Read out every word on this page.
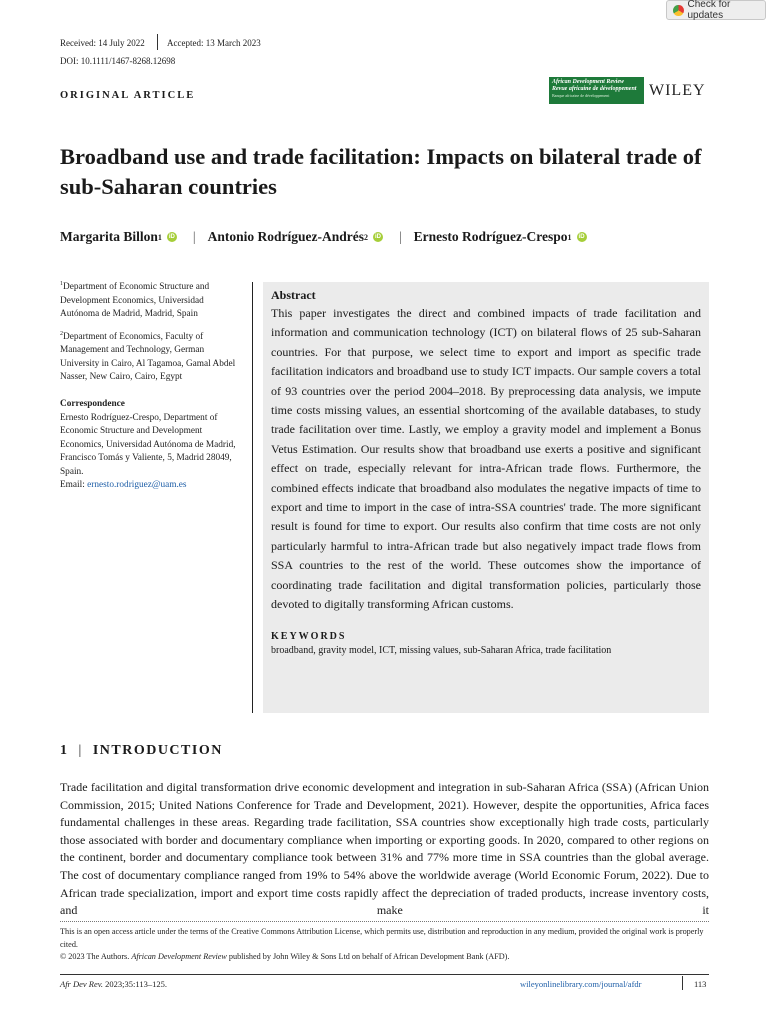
Check for updates
Received: 14 July 2022 Accepted: 13 March 2023
DOI: 10.1111/1467-8268.12698
ORIGINAL ARTICLE
African Development Review
Revue africaine de développement
Banque africaine de développement	WILEY
Broadband use and trade facilitation: Impacts on bilateral trade of sub-Saharan countries
Margarita Billon 1	iD | Antonio Rodríguez-Andrés 2	iD | Ernesto Rodríguez-Crespo 1	iD

$^1$Department of Economic Structure and Development Economics, Universidad Autónoma de Madrid, Madrid, Spain

$^2$Department of Economics, Faculty of Management and Technology, German University in Cairo, Al Tagamoa, Gamal Abdel Nasser, New Cairo, Cairo, Egypt

Correspondence
Ernesto Rodríguez-Crespo, Department of Economic Structure and Development Economics, Universidad Autónoma de Madrid, Francisco Tomás y Valiente, 5, Madrid 28049, Spain.
Email: ernesto.rodriguez@uam.es
Abstract

This paper investigates the direct and combined impacts of trade facilitation and information and communication technology (ICT) on bilateral flows of 25 sub-Saharan countries. For that purpose, we select time to export and import as specific trade facilitation indicators and broadband use to study ICT impacts. Our sample covers a total of 93 countries over the period 2004–2018. By preprocessing data analysis, we impute time costs missing values, an essential shortcoming of the available databases, to study trade facilitation over time. Lastly, we employ a gravity model and implement a Bonus Vetus Estimation. Our results show that broadband use exerts a positive and significant effect on trade, especially relevant for intra-African trade flows. Furthermore, the combined effects indicate that broadband also modulates the negative impacts of time to export and time to import in the case of intra-SSA countries' trade. The more significant result is found for time to export. Our results also confirm that time costs are not only particularly harmful to intra-African trade but also negatively impact trade flows from SSA countries to the rest of the world. These outcomes show the importance of coordinating trade facilitation and digital transformation policies, particularly those devoted to digitally transforming African customs.

KEYWORDS
broadband, gravity model, ICT, missing values, sub-Saharan Africa, trade facilitation
1 | INTRODUCTION
Trade facilitation and digital transformation drive economic development and integration in sub-Saharan Africa (SSA) (African Union Commission, 2015; United Nations Conference for Trade and Development, 2021). However, despite the opportunities, Africa faces fundamental challenges in these areas. Regarding trade facilitation, SSA countries show exceptionally high trade costs, particularly those associated with border and documentary compliance when importing or exporting goods. In 2020, compared to other regions on the continent, border and documentary compliance took between 31% and 77% more time in SSA countries than the global average. The cost of documentary compliance ranged from 19% to 54% above the worldwide average (World Economic Forum, 2022). Due to African trade specialization, import and export time costs rapidly affect the depreciation of traded products, increase inventory costs, and make it

This is an open access article under the terms of the Creative Commons Attribution License, which permits use, distribution and reproduction in any medium, provided the original work is properly cited.

© 2023 The Authors. African Development Review published by John Wiley & Sons Ltd on behalf of African Development Bank (AFD).

Afr Dev Rev. 2023;35:113–125.	wileyonlinelibrary.com/journal/afdr	113
